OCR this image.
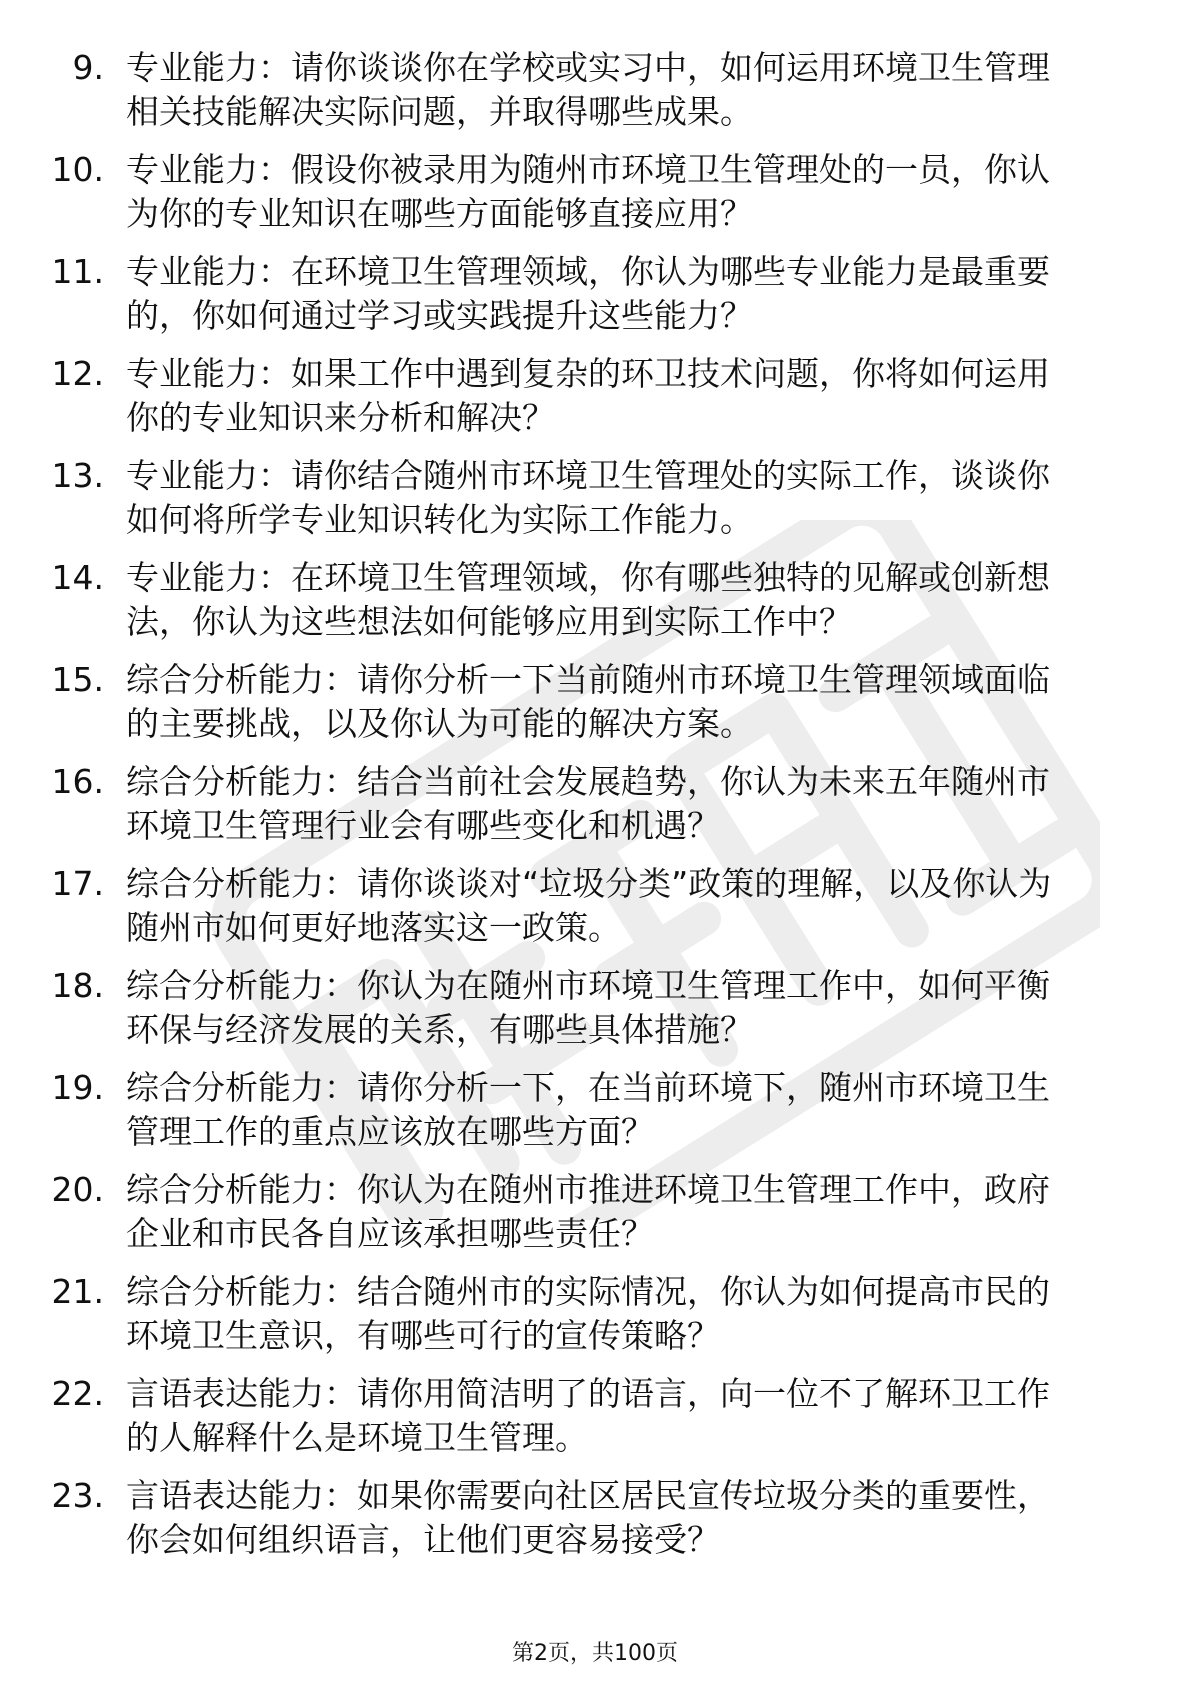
9. 专业能力：请你谈谈你在学校或实习中，如何运用环境卫生管理
相关技能解决实际问题，并取得哪些成果。
10. 专业能力：假设你被录用为随州市环境卫生管理处的一员，你认
为你的专业知识在哪些方面能够直接应用？
11. 专业能力：在环境卫生管理领域，你认为哪些专业能力是最重要
的，你如何通过学习或实践提升这些能力？
12. 专业能力：如果工作中遇到复杂的环卫技术问题，你将如何运用
你的专业知识来分析和解决？
13. 专业能力：请你结合随州市环境卫生管理处的实际工作，谈谈你
如何将所学专业知识转化为实际工作能力。
14. 专业能力：在环境卫生管理领域，你有哪些独特的见解或创新想
法，你认为这些想法如何能够应用到实际工作中？
15. 综合分析能力：请你分析一下当前随州市环境卫生管理领域面临
的主要挑战，以及你认为可能的解决方案。
16. 综合分析能力：结合当前社会发展趋势，你认为未来五年随州市
环境卫生管理行业会有哪些变化和机遇？
17. 综合分析能力：请你谈谈对“垃圾分类”政策的理解，以及你认为
随州市如何更好地落实这一政策。
18. 综合分析能力：你认为在随州市环境卫生管理工作中，如何平衡
环保与经济发展的关系，有哪些具体措施？
19. 综合分析能力：请你分析一下，在当前环境下，随州市环境卫生
管理工作的重点应该放在哪些方面？
20. 综合分析能力：你认为在随州市推进环境卫生管理工作中，政府
企业和市民各自应该承担哪些责任？
21. 综合分析能力：结合随州市的实际情况，你认为如何提高市民的
环境卫生意识，有哪些可行的宣传策略？
22. 言语表达能力：请你用简洁明了的语言，向一位不了解环卫工作
的人解释什么是环境卫生管理。
23. 言语表达能力：如果你需要向社区居民宣传垃圾分类的重要性，
你会如何组织语言，让他们更容易接受？
第2页，共100页
